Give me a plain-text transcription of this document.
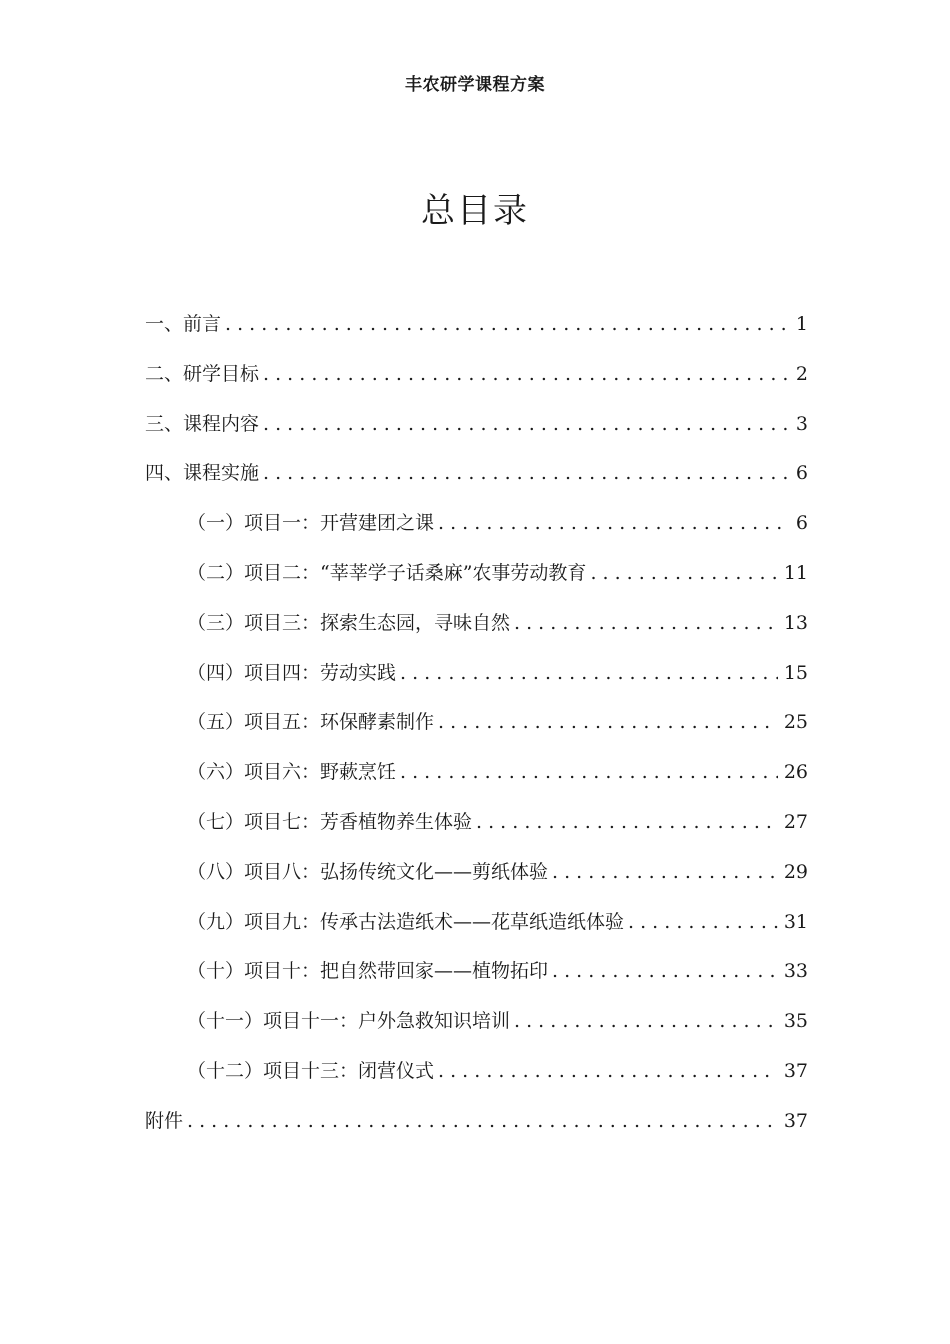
丰农研学课程方案
总目录
一、前言 . . .	1
二、研学目标 . . .	2
三、课程内容 . . .	3
四、课程实施 . . .	6
（一）项目一：开营建团之课 . . .	6
（二）项目二：“莘莘学子话桑麻”农事劳动教育 . . .	11
（三）项目三：探索生态园，寻味自然 . . .	13
（四）项目四：劳动实践 . . .	15
（五）项目五：环保酵素制作 . . .	25
（六）项目六：野蔌烹饪 . . .	26
（七）项目七：芳香植物养生体验 . . .	27
（八）项目八：弘扬传统文化——剪纸体验 . . .	29
（九）项目九：传承古法造纸术——花草纸造纸体验 . . .	31
（十）项目十：把自然带回家——植物拓印 . . .	33
（十一）项目十一：户外急救知识培训 . . .	35
（十二）项目十三：闭营仪式 . . .	37
附件 . . .	37
